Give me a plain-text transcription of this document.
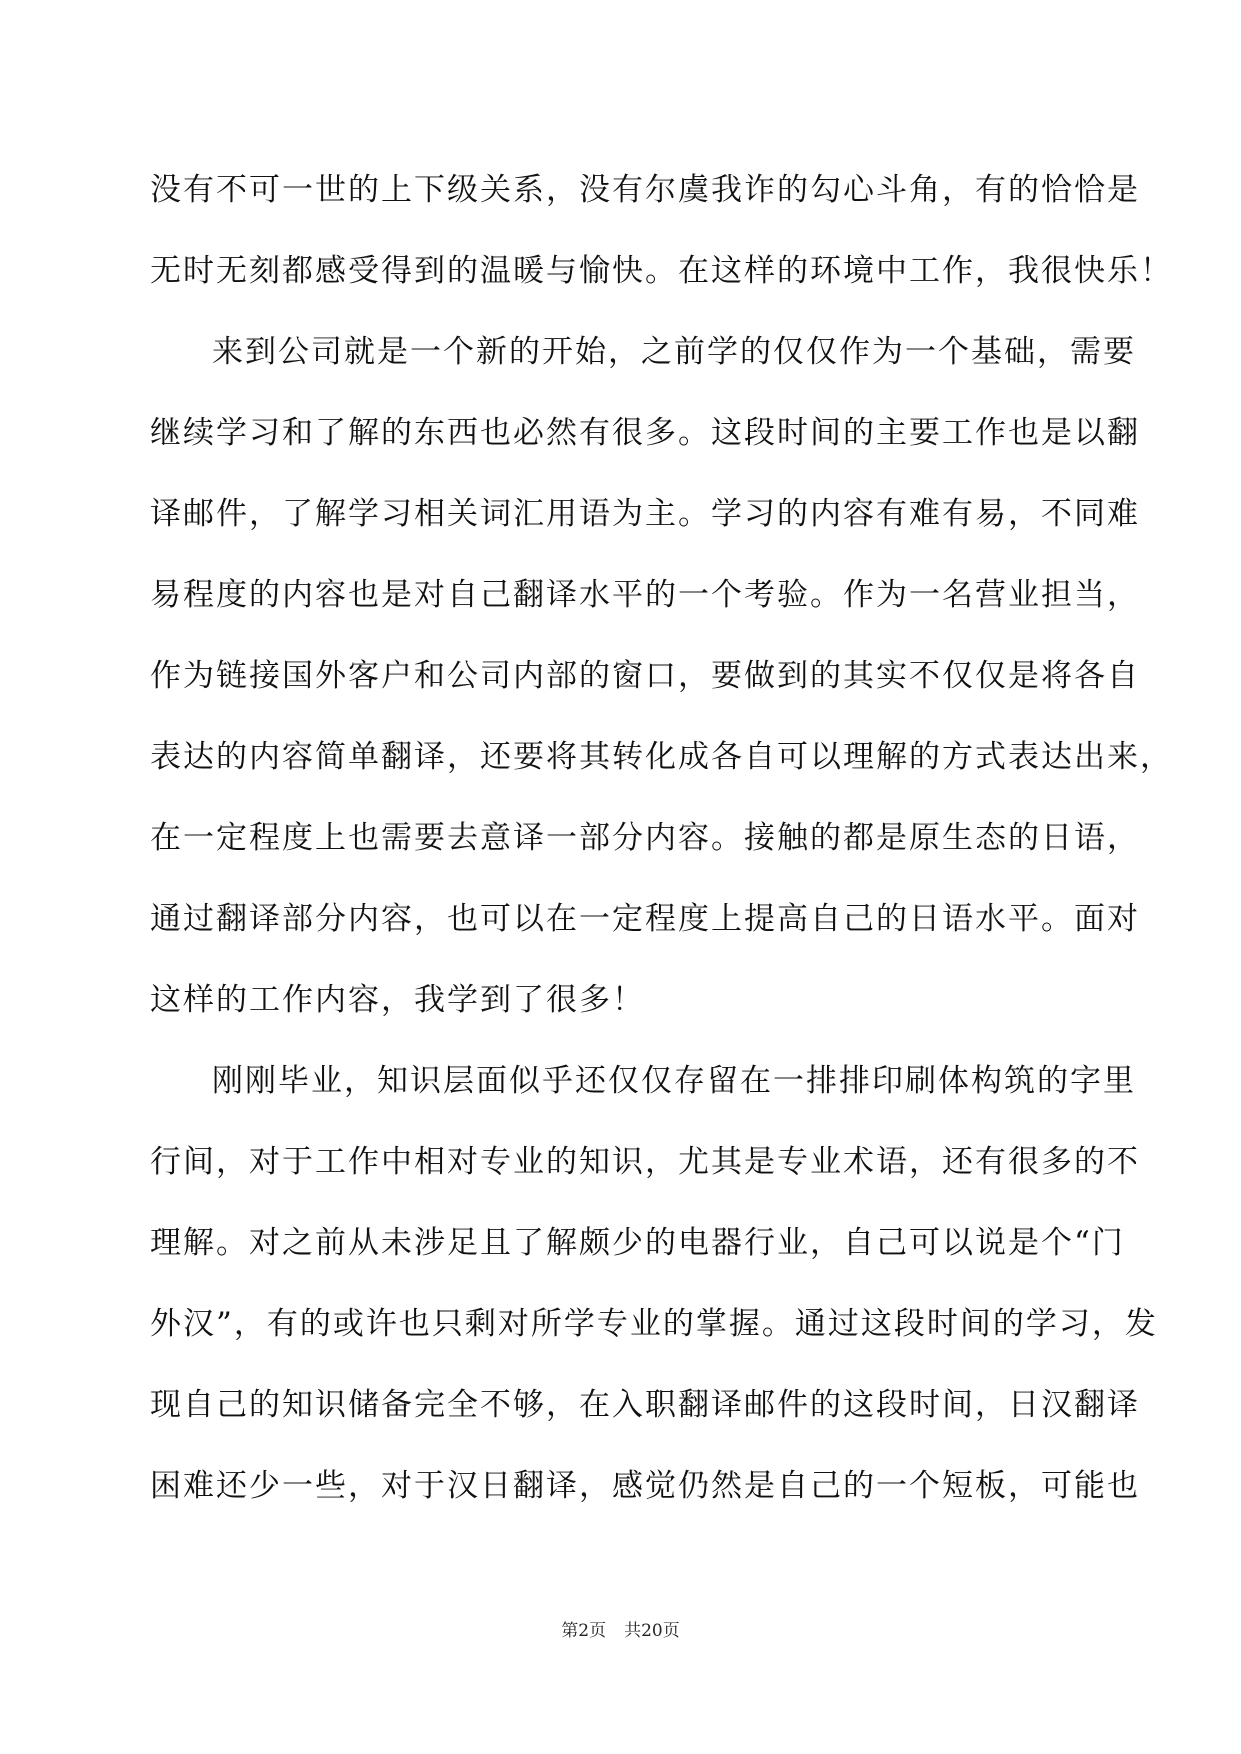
没有不可一世的上下级关系，没有尔虞我诈的勾心斗角，有的恰恰是
无时无刻都感受得到的温暖与愉快。在这样的环境中工作，我很快乐！
来到公司就是一个新的开始，之前学的仅仅作为一个基础，需要
继续学习和了解的东西也必然有很多。这段时间的主要工作也是以翻
译邮件，了解学习相关词汇用语为主。学习的内容有难有易，不同难
易程度的内容也是对自己翻译水平的一个考验。作为一名营业担当，
作为链接国外客户和公司内部的窗口，要做到的其实不仅仅是将各自
表达的内容简单翻译，还要将其转化成各自可以理解的方式表达出来，
在一定程度上也需要去意译一部分内容。接触的都是原生态的日语，
通过翻译部分内容，也可以在一定程度上提高自己的日语水平。面对
这样的工作内容，我学到了很多！
刚刚毕业，知识层面似乎还仅仅存留在一排排印刷体构筑的字里
行间，对于工作中相对专业的知识，尤其是专业术语，还有很多的不
理解。对之前从未涉足且了解颇少的电器行业，自己可以说是个“门
外汉”，有的或许也只剩对所学专业的掌握。通过这段时间的学习，发
现自己的知识储备完全不够，在入职翻译邮件的这段时间，日汉翻译
困难还少一些，对于汉日翻译，感觉仍然是自己的一个短板，可能也
第2页 共20页
